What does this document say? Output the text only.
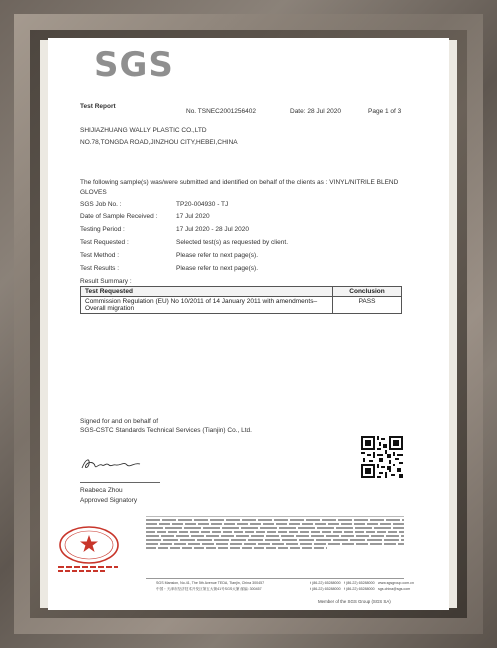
SGS
Test Report
No. TSNEC2001256402	Date: 28 Jul 2020	Page 1 of 3
SHIJIAZHUANG WALLY PLASTIC CO.,LTD
NO.78,TONGDA ROAD,JINZHOU CITY,HEBEI,CHINA
The following sample(s) was/were submitted and identified on behalf of the clients as : VINYL/NITRILE BLEND
GLOVES
SGS Job No. :	TP20-004930 - TJ
Date of Sample Received :	17 Jul 2020
Testing Period :	17 Jul 2020 - 28 Jul 2020
Test Requested :	Selected test(s) as requested by client.
Test Method :	Please refer to next page(s).
Test Results :	Please refer to next page(s).
Result Summary :
Test Requested	Conclusion

Commission Regulation (EU) No 10/2011 of 14 January 2011 with amendments–
Overall migration	PASS
Signed for and on behalf of
SGS-CSTC Standards Technical Services (Tianjin) Co., Ltd.
Reabeca Zhou
Approved Signatory
SGS Mansion, No.41, The 5th Avenue TEDA, Tianjin, China 300457
中国・天津市经济技术开发区第五大街41号SGS大厦 邮编: 300457
t (86-22) 65288000
t (86-22) 65288000
f (86-22) 65288000
f (86-22) 65288000
www.sgsgroup.com.cn
sgs.china@sgs.com
Member of the SGS Group (SGS SA)
